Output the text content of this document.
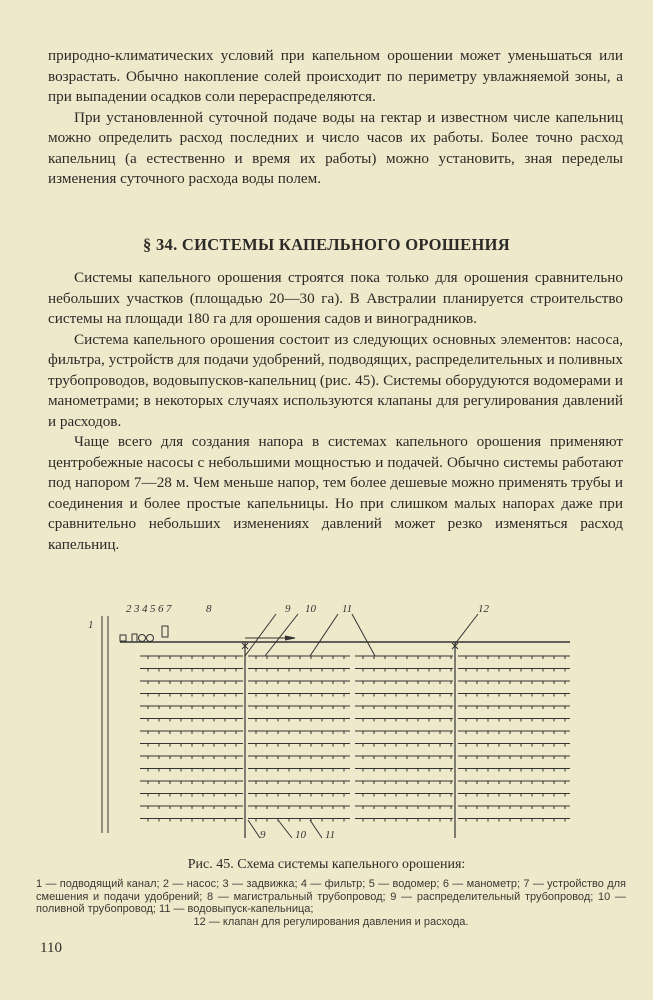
природно-климатических условий при капельном орошении может уменьшаться или возрастать. Обычно накопление солей происходит по периметру увлажняемой зоны, а при выпадении осадков соли перераспределяются.

При установленной суточной подаче воды на гектар и известном числе капельниц можно определить расход последних и число часов их работы. Более точно расход капельниц (а естественно и время их работы) можно установить, зная переделы изменения суточного расхода воды полем.

§ 34. СИСТЕМЫ КАПЕЛЬНОГО ОРОШЕНИЯ

Системы капельного орошения строятся пока только для орошения сравнительно небольших участков (площадью 20—30 га). В Австралии планируется строительство системы на площади 180 га для орошения садов и виноградников.

Система капельного орошения состоит из следующих основных элементов: насоса, фильтра, устройств для подачи удобрений, подводящих, распределительных и поливных трубопроводов, водовыпусков-капельниц (рис. 45). Системы оборудуются водомерами и манометрами; в некоторых случаях используются клапаны для регулирования давлений и расходов.

Чаще всего для создания напора в системах капельного орошения применяют центробежные насосы с небольшими мощностью и подачей. Обычно системы работают под напором 7—28 м. Чем меньше напор, тем более дешевые можно применять трубы и соединения и более простые капельницы. Но при слишком малых напорах даже при сравнительно небольших изменениях давлений может резко изменяться расход капельниц.

1
2 3 4 5 6 7	8	9 10 11	12
9	10 11
Рис. 45. Схема системы капельного орошения:
1 — подводящий канал; 2 — насос; 3 — задвижка; 4 — фильтр; 5 — водомер; 6 — манометр; 7 — устройство для смешения и подачи удобрений; 8 — магистральный трубопровод; 9 — распределительный трубопровод; 10 — поливной трубопровод; 11 — водовыпуск-капельница;
12 — клапан для регулирования давления и расхода.
110
